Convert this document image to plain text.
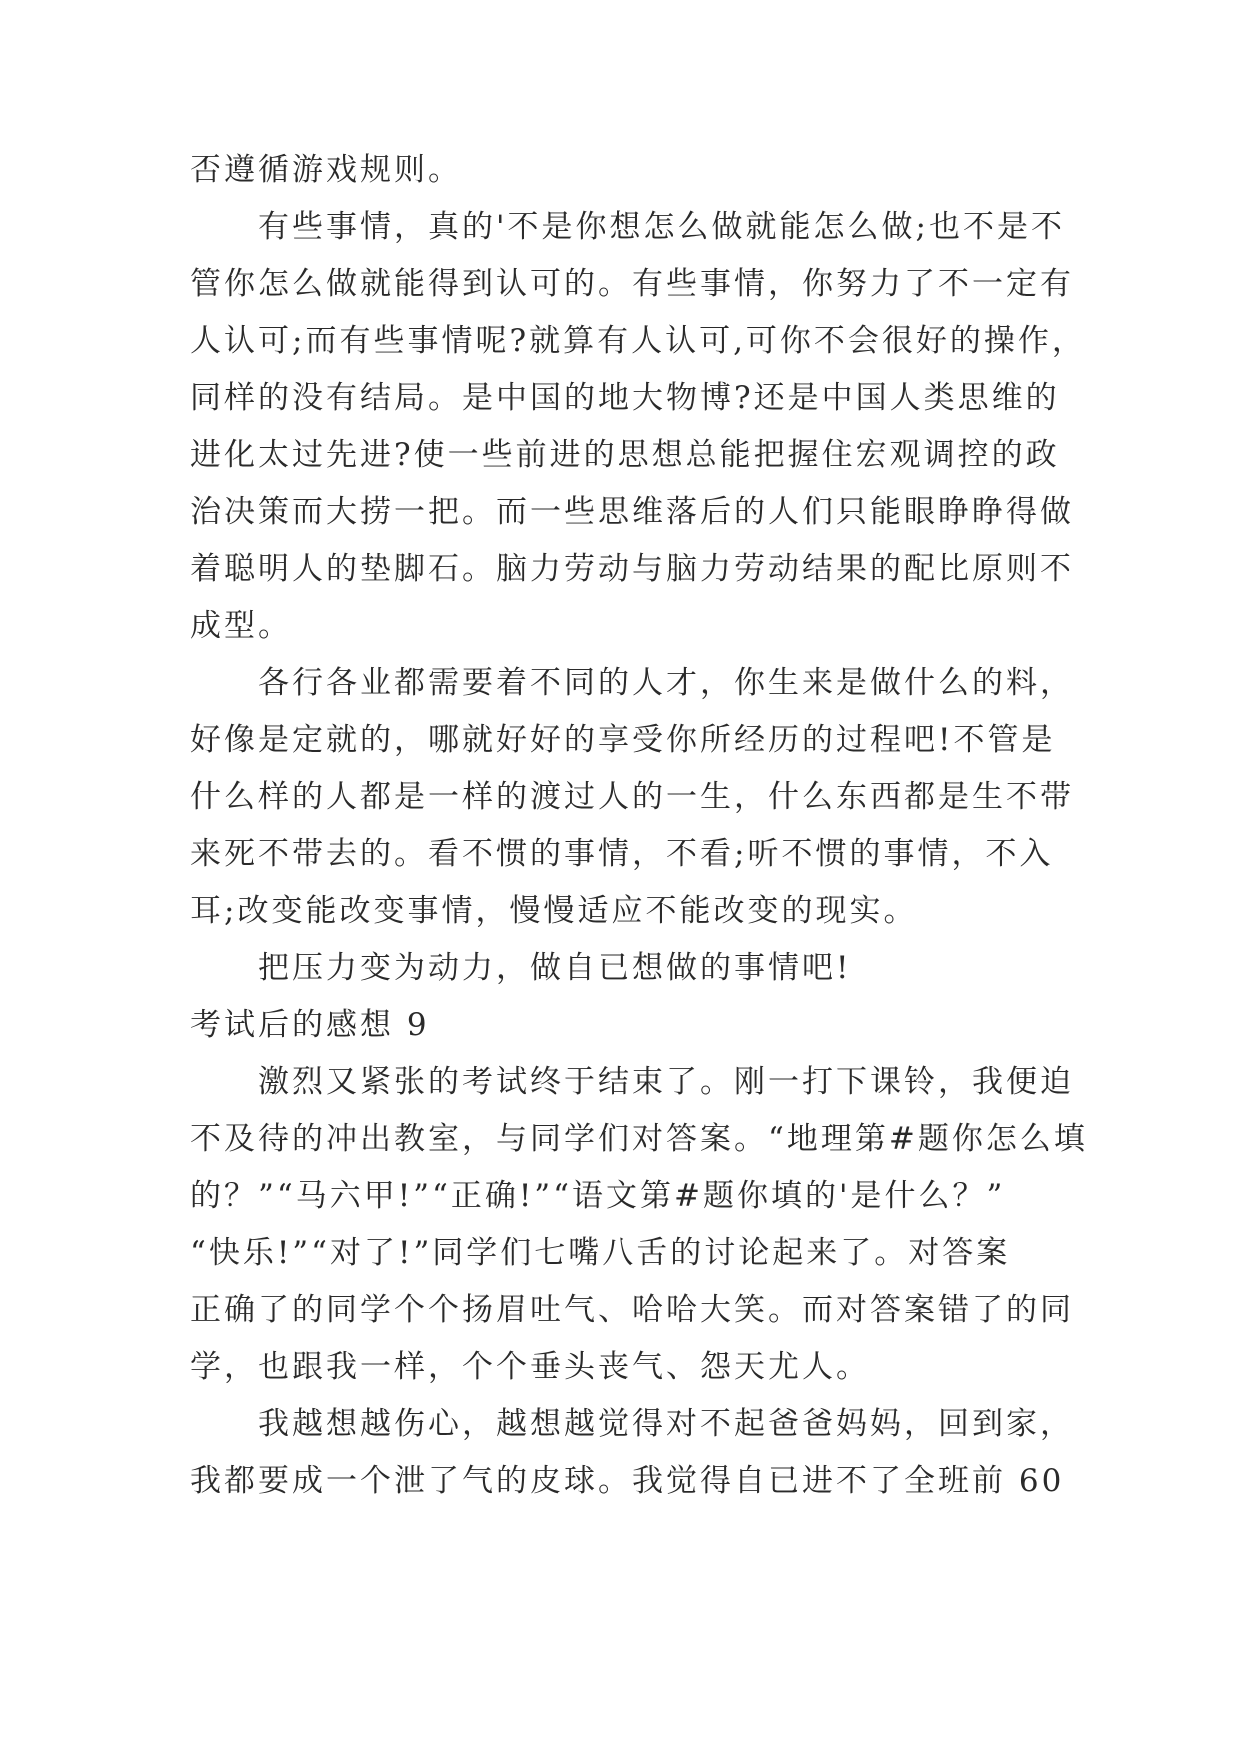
否遵循游戏规则。
有些事情，真的'不是你想怎么做就能怎么做;也不是不
管你怎么做就能得到认可的。有些事情，你努力了不一定有
人认可;而有些事情呢?就算有人认可,可你不会很好的操作，
同样的没有结局。是中国的地大物博?还是中国人类思维的
进化太过先进?使一些前进的思想总能把握住宏观调控的政
治决策而大捞一把。而一些思维落后的人们只能眼睁睁得做
着聪明人的垫脚石。脑力劳动与脑力劳动结果的配比原则不
成型。
各行各业都需要着不同的人才，你生来是做什么的料，
好像是定就的，哪就好好的享受你所经历的过程吧!不管是
什么样的人都是一样的渡过人的一生，什么东西都是生不带
来死不带去的。看不惯的事情，不看;听不惯的事情，不入
耳;改变能改变事情，慢慢适应不能改变的现实。
把压力变为动力，做自已想做的事情吧!
考试后的感想 9
激烈又紧张的考试终于结束了。刚一打下课铃，我便迫
不及待的冲出教室，与同学们对答案。“地理第#题你怎么填
的？”“马六甲!”“正确!”“语文第#题你填的'是什么？”
“快乐!”“对了!”同学们七嘴八舌的讨论起来了。对答案
正确了的同学个个扬眉吐气、哈哈大笑。而对答案错了的同
学，也跟我一样，个个垂头丧气、怨天尤人。
我越想越伤心，越想越觉得对不起爸爸妈妈，回到家，
我都要成一个泄了气的皮球。我觉得自已进不了全班前 60
